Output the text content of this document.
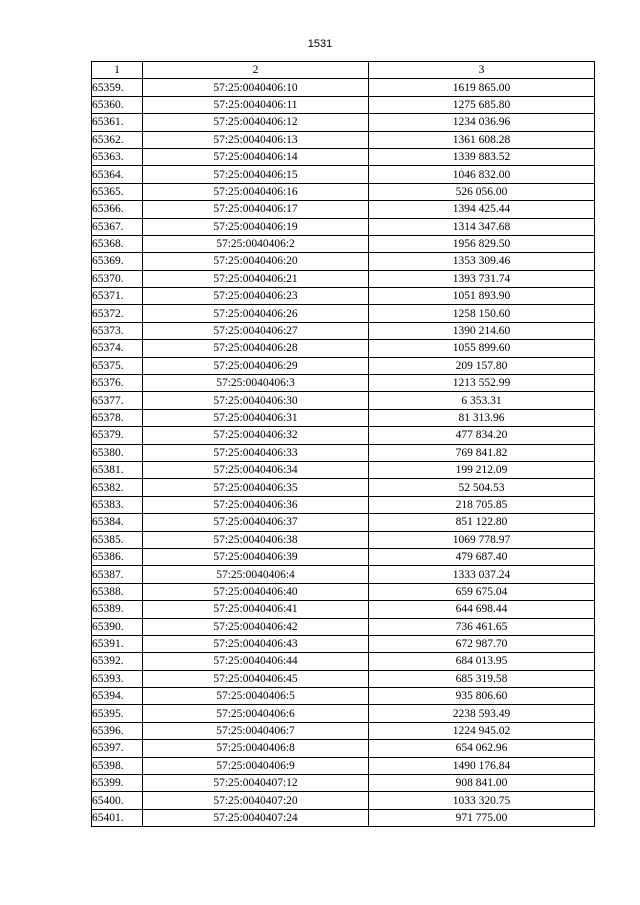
1531
1	2	3
65359.	57:25:0040406:10	1619 865.00
65360.	57:25:0040406:11	1275 685.80
65361.	57:25:0040406:12	1234 036.96
65362.	57:25:0040406:13	1361 608.28
65363.	57:25:0040406:14	1339 883.52
65364.	57:25:0040406:15	1046 832.00
65365.	57:25:0040406:16	526 056.00
65366.	57:25:0040406:17	1394 425.44
65367.	57:25:0040406:19	1314 347.68
65368.	57:25:0040406:2	1956 829.50
65369.	57:25:0040406:20	1353 309.46
65370.	57:25:0040406:21	1393 731.74
65371.	57:25:0040406:23	1051 893.90
65372.	57:25:0040406:26	1258 150.60
65373.	57:25:0040406:27	1390 214.60
65374.	57:25:0040406:28	1055 899.60
65375.	57:25:0040406:29	209 157.80
65376.	57:25:0040406:3	1213 552.99
65377.	57:25:0040406:30	6 353.31
65378.	57:25:0040406:31	81 313.96
65379.	57:25:0040406:32	477 834.20
65380.	57:25:0040406:33	769 841.82
65381.	57:25:0040406:34	199 212.09
65382.	57:25:0040406:35	52 504.53
65383.	57:25:0040406:36	218 705.85
65384.	57:25:0040406:37	851 122.80
65385.	57:25:0040406:38	1069 778.97
65386.	57:25:0040406:39	479 687.40
65387.	57:25:0040406:4	1333 037.24
65388.	57:25:0040406:40	659 675.04
65389.	57:25:0040406:41	644 698.44
65390.	57:25:0040406:42	736 461.65
65391.	57:25:0040406:43	672 987.70
65392.	57:25:0040406:44	684 013.95
65393.	57:25:0040406:45	685 319.58
65394.	57:25:0040406:5	935 806.60
65395.	57:25:0040406:6	2238 593.49
65396.	57:25:0040406:7	1224 945.02
65397.	57:25:0040406:8	654 062.96
65398.	57:25:0040406:9	1490 176.84
65399.	57:25:0040407:12	908 841.00
65400.	57:25:0040407:20	1033 320.75
65401.	57:25:0040407:24	971 775.00
